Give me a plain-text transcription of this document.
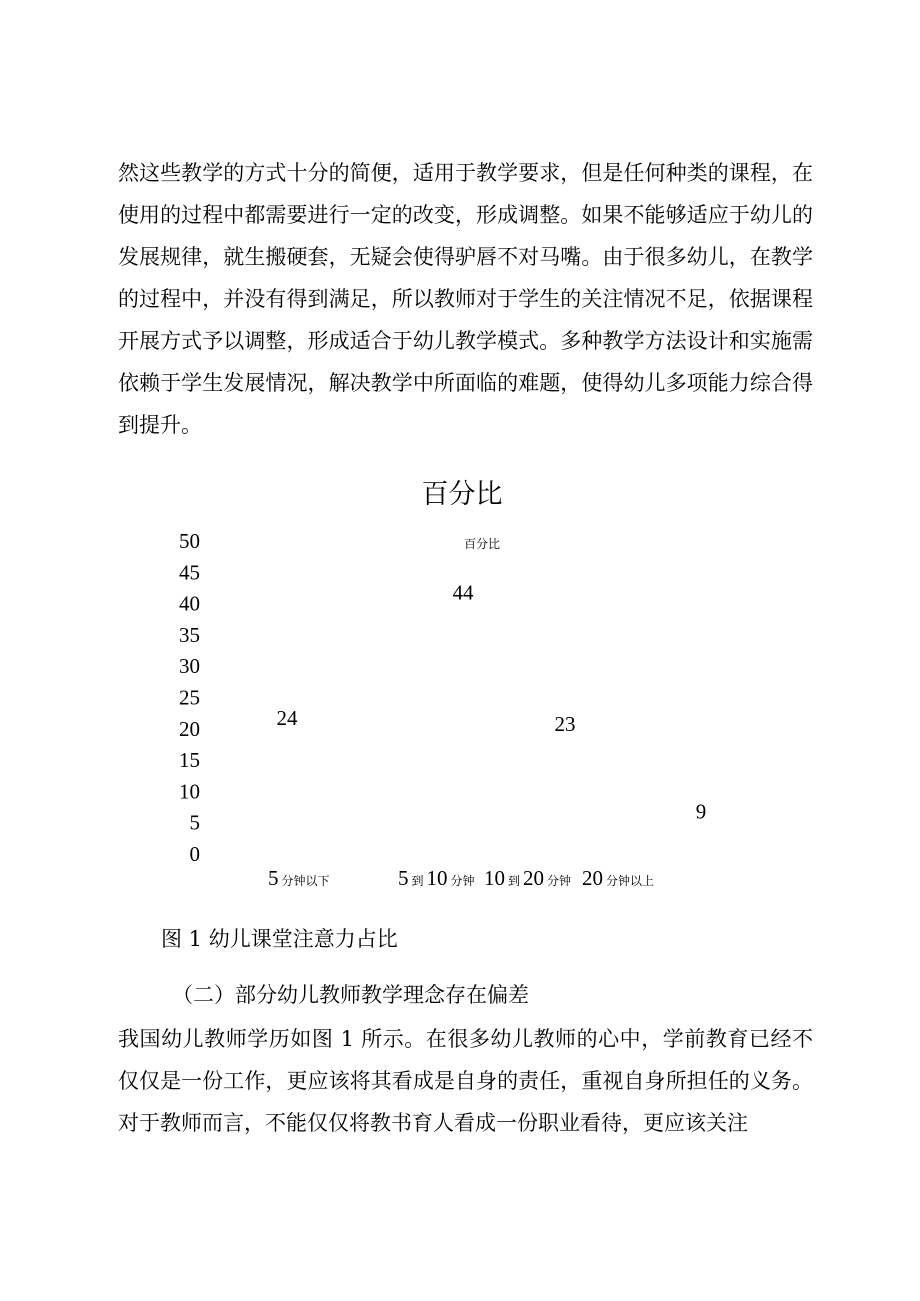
然这些教学的方式十分的简便，适用于教学要求，但是任何种类的课程，在使用的过程中都需要进行一定的改变，形成调整。如果不能够适应于幼儿的发展规律，就生搬硬套，无疑会使得驴唇不对马嘴。由于很多幼儿，在教学的过程中，并没有得到满足，所以教师对于学生的关注情况不足，依据课程开展方式予以调整，形成适合于幼儿教学模式。多种教学方法设计和实施需依赖于学生发展情况，解决教学中所面临的难题，使得幼儿多项能力综合得到提升。
百分比
百分比
50
45
40
35
30
25
20
15
10
5
0
24
44
23
9
5 分钟以下	5 到 10 分钟 10 到 20 分钟 20 分钟以上
图 1 幼儿课堂注意力占比
（二）部分幼儿教师教学理念存在偏差
我国幼儿教师学历如图 1 所示。在很多幼儿教师的心中，学前教育已经不仅仅是一份工作，更应该将其看成是自身的责任，重视自身所担任的义务。对于教师而言，不能仅仅将教书育人看成一份职业看待，更应该关注
